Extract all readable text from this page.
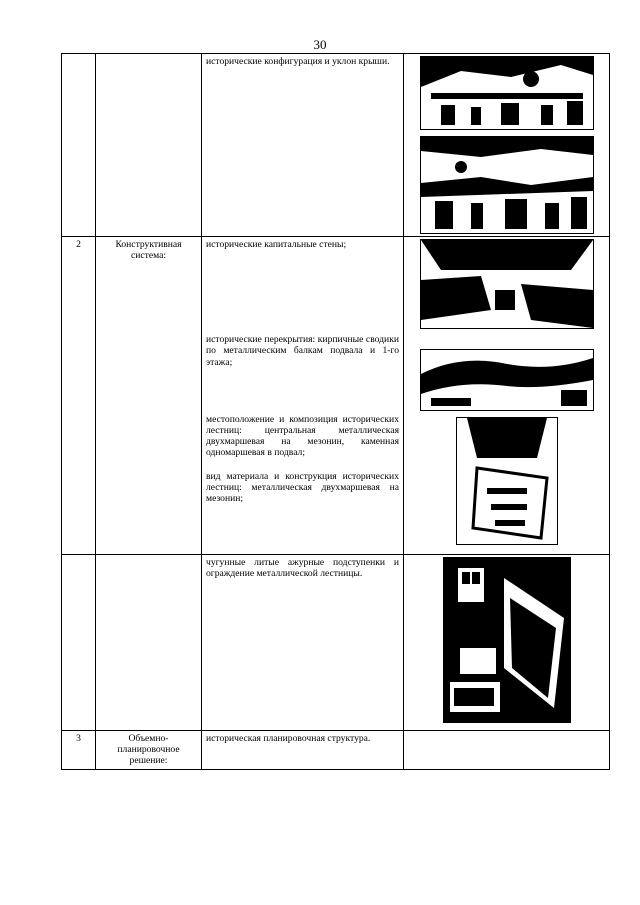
30

		исторические конфигурация и уклон крыши.

2	Конструктивная система:	исторические капитальные стены;

исторические перекрытия: кирпичные сводики по металлическим балкам подвала и 1-го этажа;

местоположение и композиция исторических лестниц: центральная металлическая двухмаршевая на мезонин, каменная одномаршевая в подвал;

вид материала и конструкция исторических лестниц: металлическая двухмаршевая на мезонин;

		чугунные литые ажурные подступенки и ограждение металлической лестницы.

3	Объемно-планировочное решение:	историческая планировочная структура.	
